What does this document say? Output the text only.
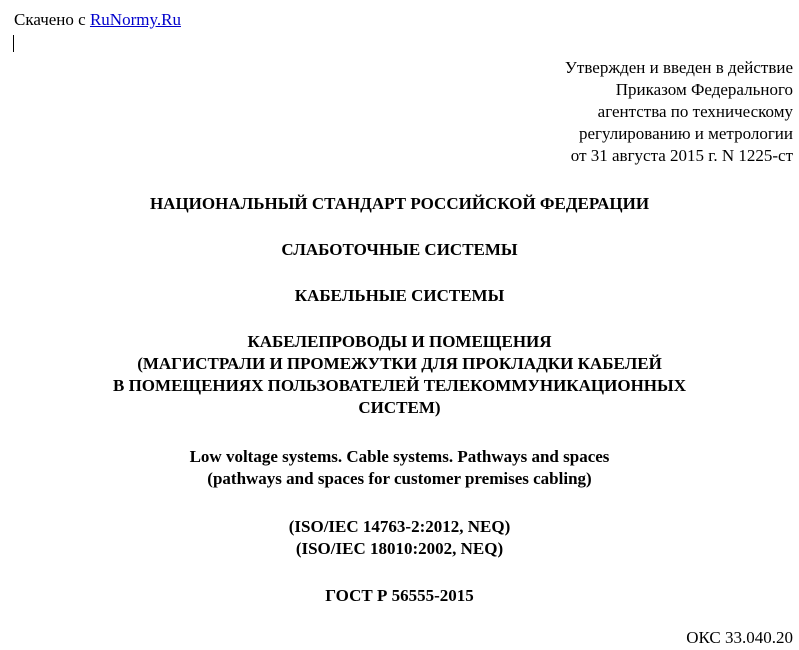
Скачено с RuNormy.Ru
Утвержден и введен в действие
Приказом Федерального
агентства по техническому
регулированию и метрологии
от 31 августа 2015 г. N 1225-ст
НАЦИОНАЛЬНЫЙ СТАНДАРТ РОССИЙСКОЙ ФЕДЕРАЦИИ
СЛАБОТОЧНЫЕ СИСТЕМЫ
КАБЕЛЬНЫЕ СИСТЕМЫ
КАБЕЛЕПРОВОДЫ И ПОМЕЩЕНИЯ
(МАГИСТРАЛИ И ПРОМЕЖУТКИ ДЛЯ ПРОКЛАДКИ КАБЕЛЕЙ
В ПОМЕЩЕНИЯХ ПОЛЬЗОВАТЕЛЕЙ ТЕЛЕКОММУНИКАЦИОННЫХ
СИСТЕМ)
Low voltage systems. Cable systems. Pathways and spaces
(pathways and spaces for customer premises cabling)
(ISO/IEC 14763-2:2012, NEQ)
(ISO/IEC 18010:2002, NEQ)
ГОСТ Р 56555-2015
ОКС 33.040.20
